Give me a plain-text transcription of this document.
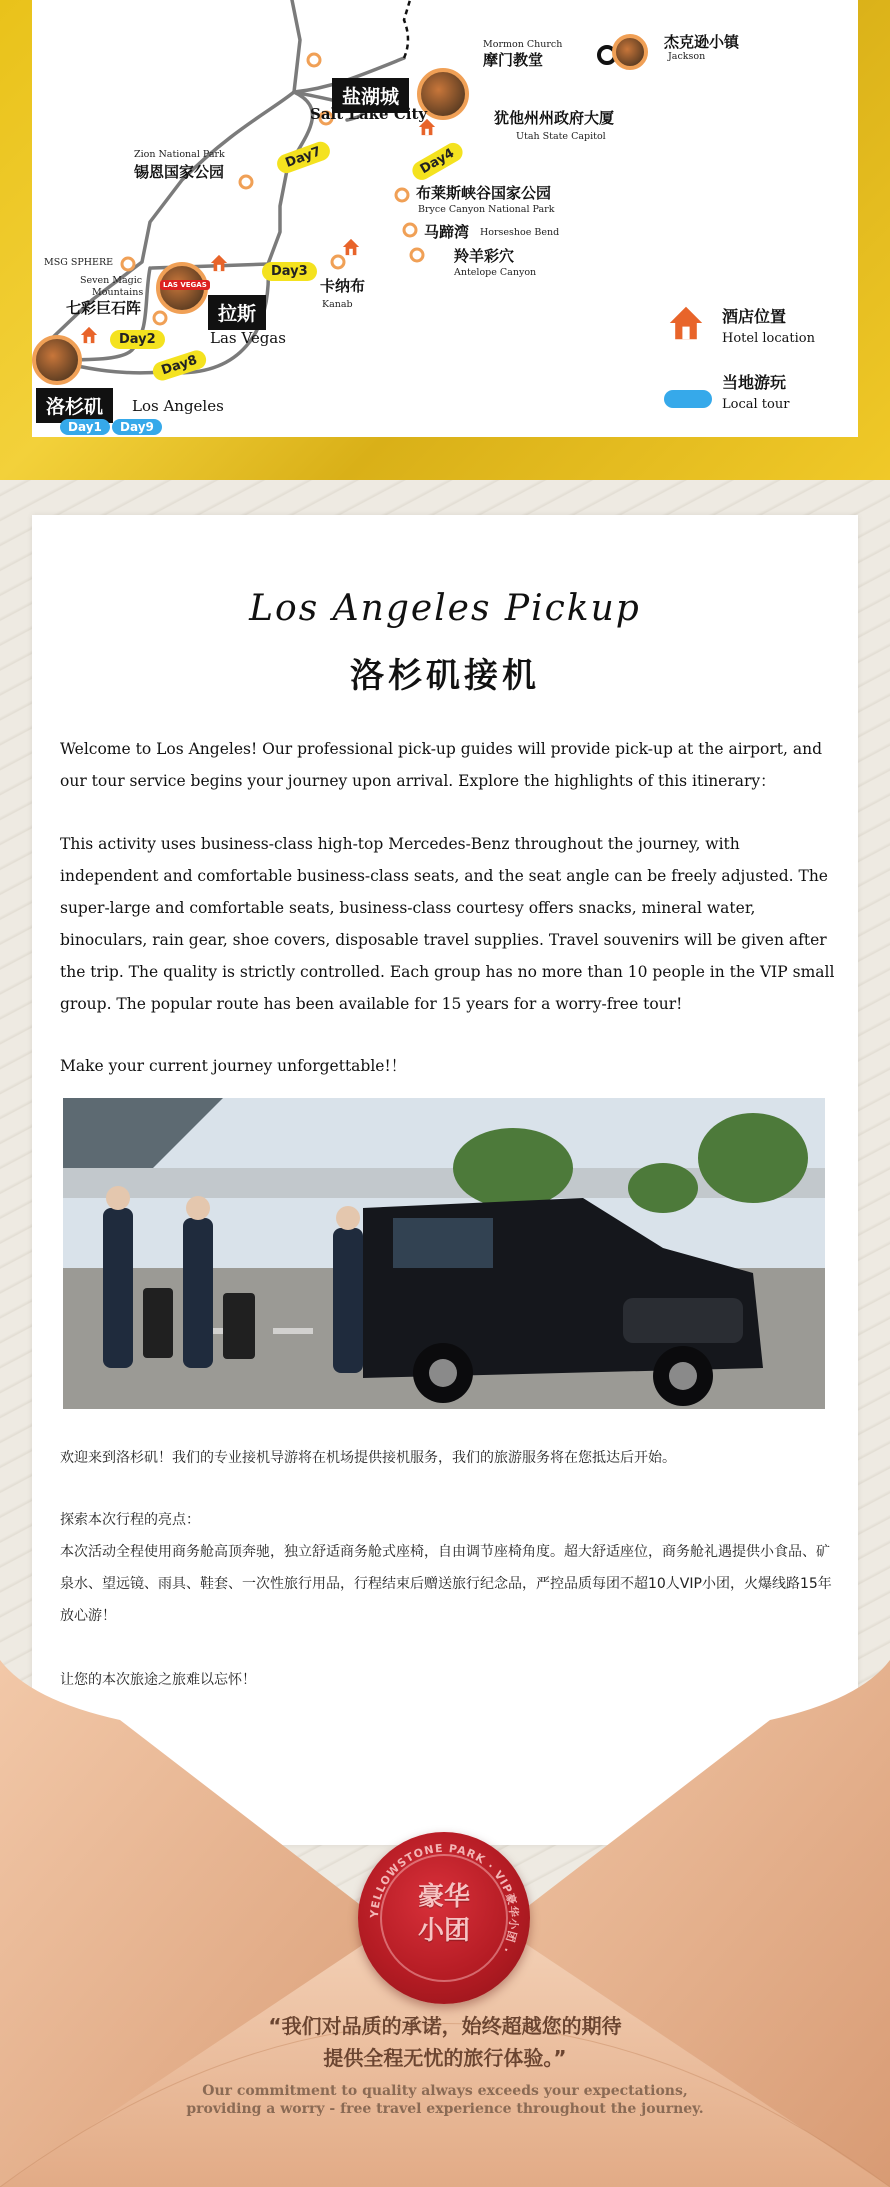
LAS VEGAS
盐湖城
Salt Lake City
拉斯
Las Vegas
洛杉矶	Los Angeles
Mormon Church
摩门教堂
杰克逊小镇
Jackson
犹他州州政府大厦
Utah State Capitol
Zion National Park
锡恩国家公园
布莱斯峡谷国家公园
Bryce Canyon National Park
马蹄湾 Horseshoe Bend
羚羊彩穴
Antelope Canyon
卡纳布
Kanab
MSG SPHERE
Seven Magic
Mountains
七彩巨石阵
Day7	Day4
Day3
Day2
Day8
Day1	Day9
酒店位置
Hotel location
当地游玩
Local tour
Los Angeles Pickup
洛杉矶接机
Welcome to Los Angeles! Our professional pick-up guides will provide pick-up at the airport, and our tour service begins your journey upon arrival. Explore the highlights of this itinerary：
This activity uses business-class high-top Mercedes-Benz throughout the journey, with independent and comfortable business-class seats, and the seat angle can be freely adjusted. The super-large and comfortable seats, business-class courtesy offers snacks, mineral water, binoculars, rain gear, shoe covers, disposable travel supplies. Travel souvenirs will be given after the trip. The quality is strictly controlled. Each group has no more than 10 people in the VIP small group. The popular route has been available for 15 years for a worry-free tour!
Make your current journey unforgettable!！
欢迎来到洛杉矶！我们的专业接机导游将在机场提供接机服务，我们的旅游服务将在您抵达后开始。
探索本次行程的亮点：
本次活动全程使用商务舱高顶奔驰，独立舒适商务舱式座椅，自由调节座椅角度。超大舒适座位，商务舱礼遇提供小食品、矿泉水、望远镜、雨具、鞋套、一次性旅行用品，行程结束后赠送旅行纪念品，严控品质每团不超10人VIP小团，火爆线路15年放心游！
让您的本次旅途之旅难以忘怀！
YELLOWSTONE PARK · VIP豪华小团 ·
豪华
小团
“我们对品质的承诺，始终超越您的期待
提供全程无忧的旅行体验。”
Our commitment to quality always exceeds your expectations,
providing a worry - free travel experience throughout the journey.
